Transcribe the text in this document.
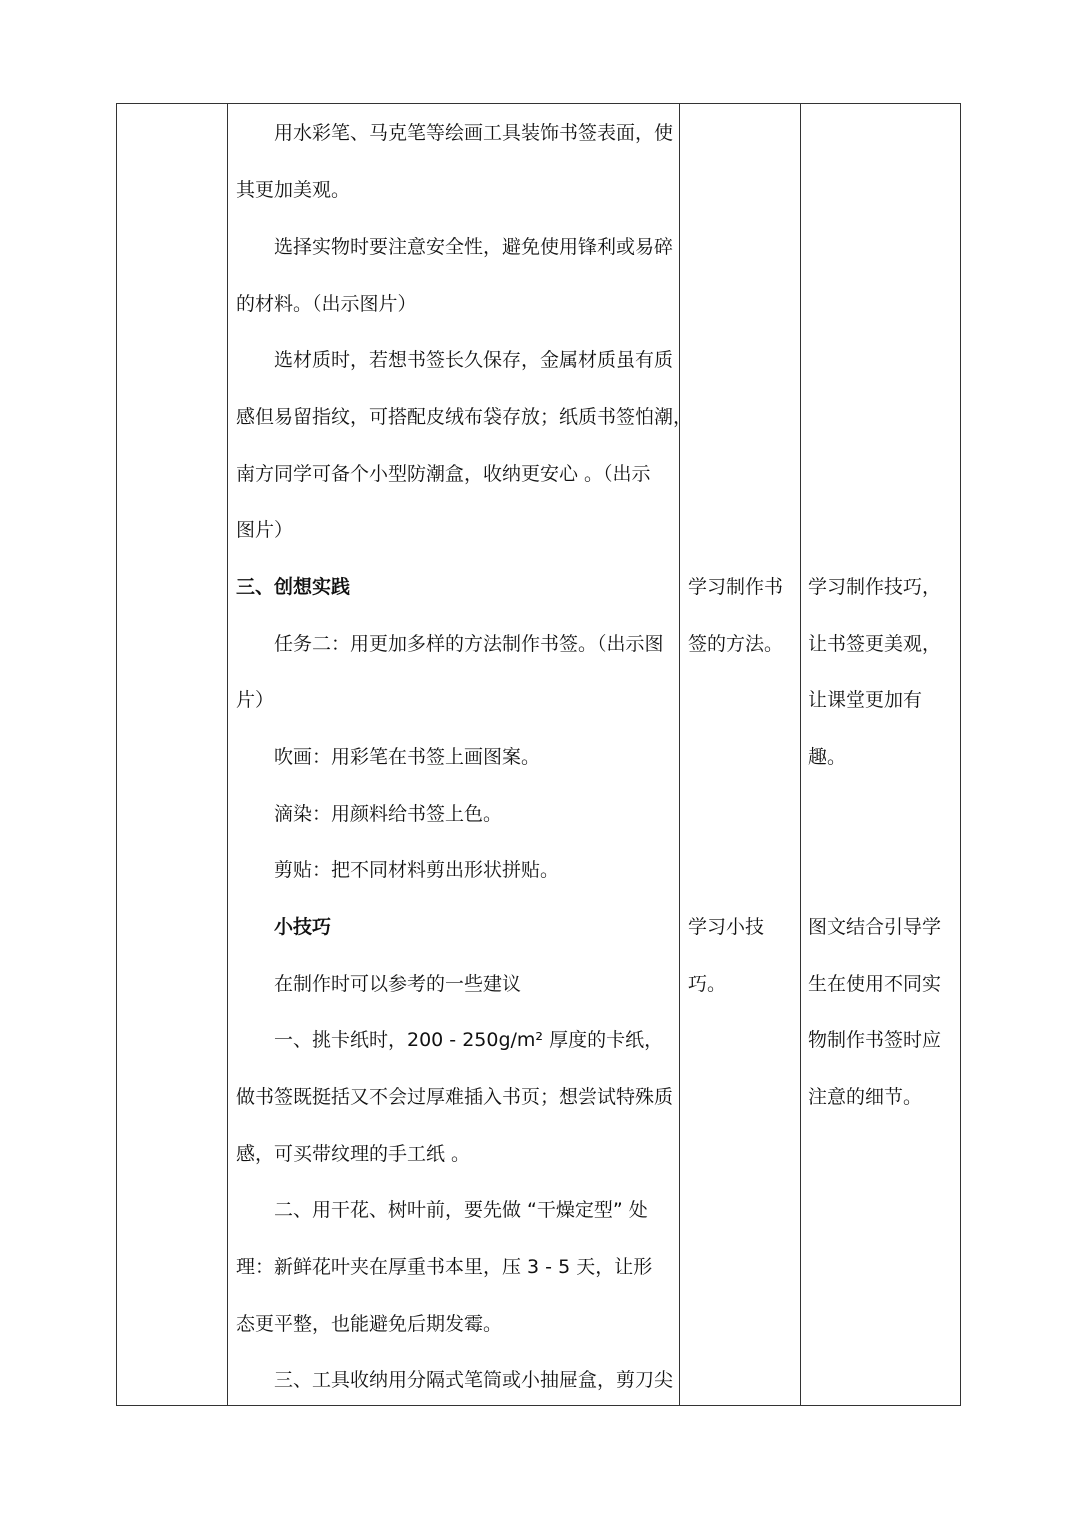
用水彩笔、马克笔等绘画工具装饰书签表面，使
其更加美观。
选择实物时要注意安全性，避免使用锋利或易碎
的材料。（出示图片）
选材质时，若想书签长久保存，金属材质虽有质
感但易留指纹，可搭配皮绒布袋存放；纸质书签怕潮，
南方同学可备个小型防潮盒，收纳更安心 。（出示
图片）
三、创想实践
任务二：用更加多样的方法制作书签。（出示图
片）
吹画：用彩笔在书签上画图案。
滴染：用颜料给书签上色。
剪贴：把不同材料剪出形状拼贴。
小技巧
在制作时可以参考的一些建议
一、挑卡纸时，200 - 250g/m² 厚度的卡纸，
做书签既挺括又不会过厚难插入书页；想尝试特殊质
感，可买带纹理的手工纸 。
二、用干花、树叶前，要先做 “干燥定型” 处
理：新鲜花叶夹在厚重书本里，压 3 - 5 天，让形
态更平整，也能避免后期发霉。
三、工具收纳用分隔式笔筒或小抽屉盒，剪刀尖
学习制作书
签的方法。
学习小技
巧。
学习制作技巧，
让书签更美观，
让课堂更加有
趣。
图文结合引导学
生在使用不同实
物制作书签时应
注意的细节。
